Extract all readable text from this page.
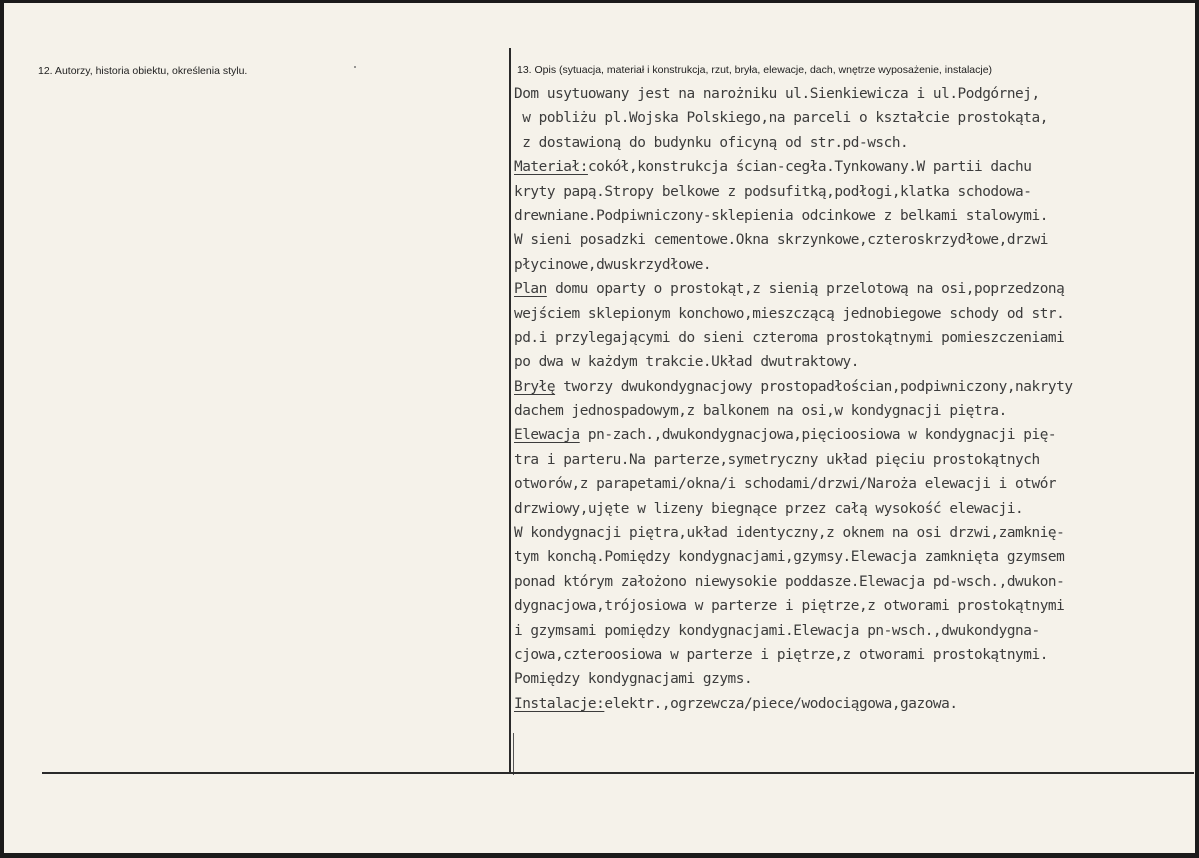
12. Autorzy, historia obiektu, określenia stylu.	13. Opis (sytuacja, materiał i konstrukcja, rzut, bryła, elewacje, dach, wnętrze wyposażenie, instalacje)
Dom usytuowany jest na narożniku ul.Sienkiewicza i ul.Podgórnej,
w pobliżu pl.Wojska Polskiego,na parceli o kształcie prostokąta,
z dostawioną do budynku oficyną od str.pd-wsch.
Materiał:cokół,konstrukcja ścian-cegła.Tynkowany.W partii dachu
kryty papą.Stropy belkowe z podsufitką,podłogi,klatka schodowa-
drewniane.Podpiwniczony-sklepienia odcinkowe z belkami stalowymi.
W sieni posadzki cementowe.Okna skrzynkowe,czteroskrzydłowe,drzwi
płycinowe,dwuskrzydłowe.
Plan domu oparty o prostokąt,z sienią przelotową na osi,poprzedzoną
wejściem sklepionym konchowo,mieszczącą jednobiegowe schody od str.
pd.i przylegającymi do sieni czteroma prostokątnymi pomieszczeniami
po dwa w każdym trakcie.Układ dwutraktowy.
Bryłę tworzy dwukondygnacjowy prostopadłościan,podpiwniczony,nakryty
dachem jednospadowym,z balkonem na osi,w kondygnacji piętra.
Elewacja pn-zach.,dwukondygnacjowa,pięcioosiowa w kondygnacji pię-
tra i parteru.Na parterze,symetryczny układ pięciu prostokątnych
otworów,z parapetami/okna/i schodami/drzwi/Naroża elewacji i otwór
drzwiowy,ujęte w lizeny biegnące przez całą wysokość elewacji.
W kondygnacji piętra,układ identyczny,z oknem na osi drzwi,zamknię-
tym konchą.Pomiędzy kondygnacjami,gzymsy.Elewacja zamknięta gzymsem
ponad którym założono niewysokie poddasze.Elewacja pd-wsch.,dwukon-
dygnacjowa,trójosiowa w parterze i piętrze,z otworami prostokątnymi
i gzymsami pomiędzy kondygnacjami.Elewacja pn-wsch.,dwukondygna-
cjowa,czteroosiowa w parterze i piętrze,z otworami prostokątnymi.
Pomiędzy kondygnacjami gzyms.
Instalacje:elektr.,ogrzewcza/piece/wodociągowa,gazowa.
